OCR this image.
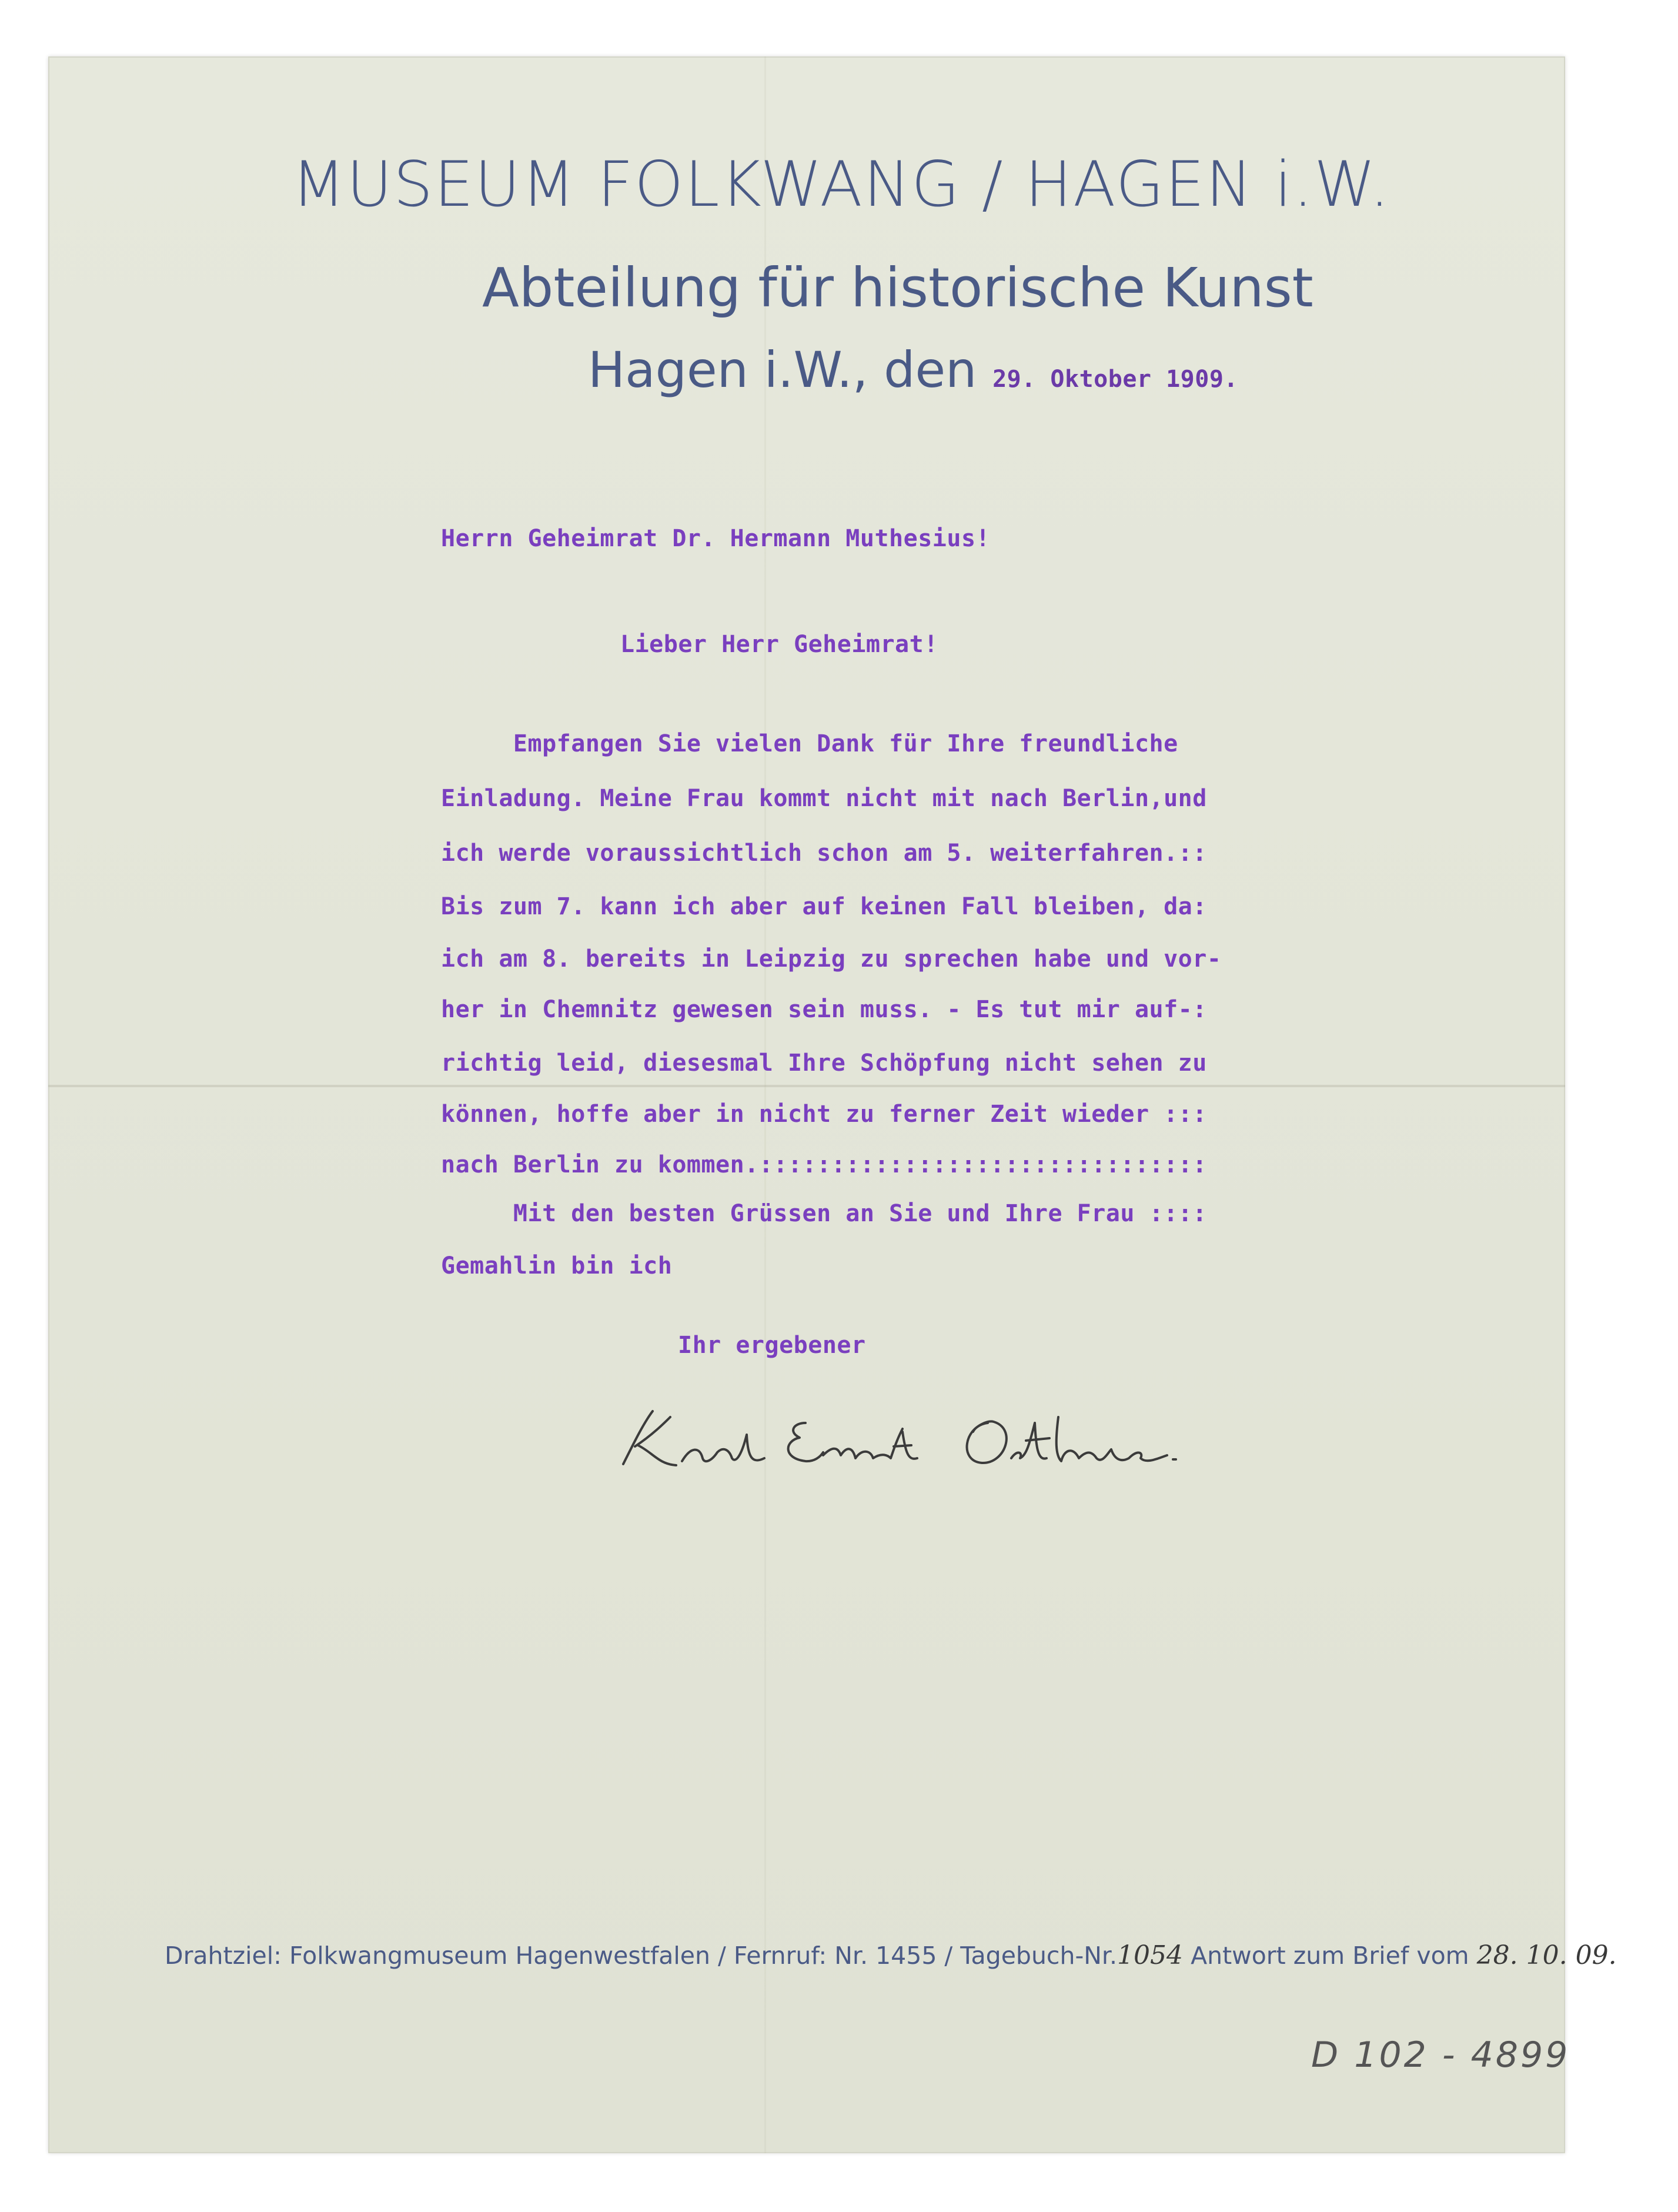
MUSEUM FOLKWANG / HAGEN i.W.
Abteilung für historische Kunst
Hagen i.W., den 29. Oktober 1909.
Herrn Geheimrat Dr. Hermann Muthesius!
Lieber Herr Geheimrat!
Empfangen Sie vielen Dank für Ihre freundliche
Einladung. Meine Frau kommt nicht mit nach Berlin,und
ich werde voraussichtlich schon am 5. weiterfahren.::
Bis zum 7. kann ich aber auf keinen Fall bleiben, da:
ich am 8. bereits in Leipzig zu sprechen habe und vor-
her in Chemnitz gewesen sein muss. - Es tut mir auf-:
richtig leid, diesesmal Ihre Schöpfung nicht sehen zu
können, hoffe aber in nicht zu ferner Zeit wieder :::
nach Berlin zu kommen.:::::::::::::::::::::::::::::::
Mit den besten Grüssen an Sie und Ihre Frau ::::
Gemahlin bin ich
Ihr ergebener
Drahtziel: Folkwangmuseum Hagenwestfalen / Fernruf: Nr. 1455 / Tagebuch-Nr.1054 Antwort zum Brief vom 28. 10. 09.
D 102 - 4899
